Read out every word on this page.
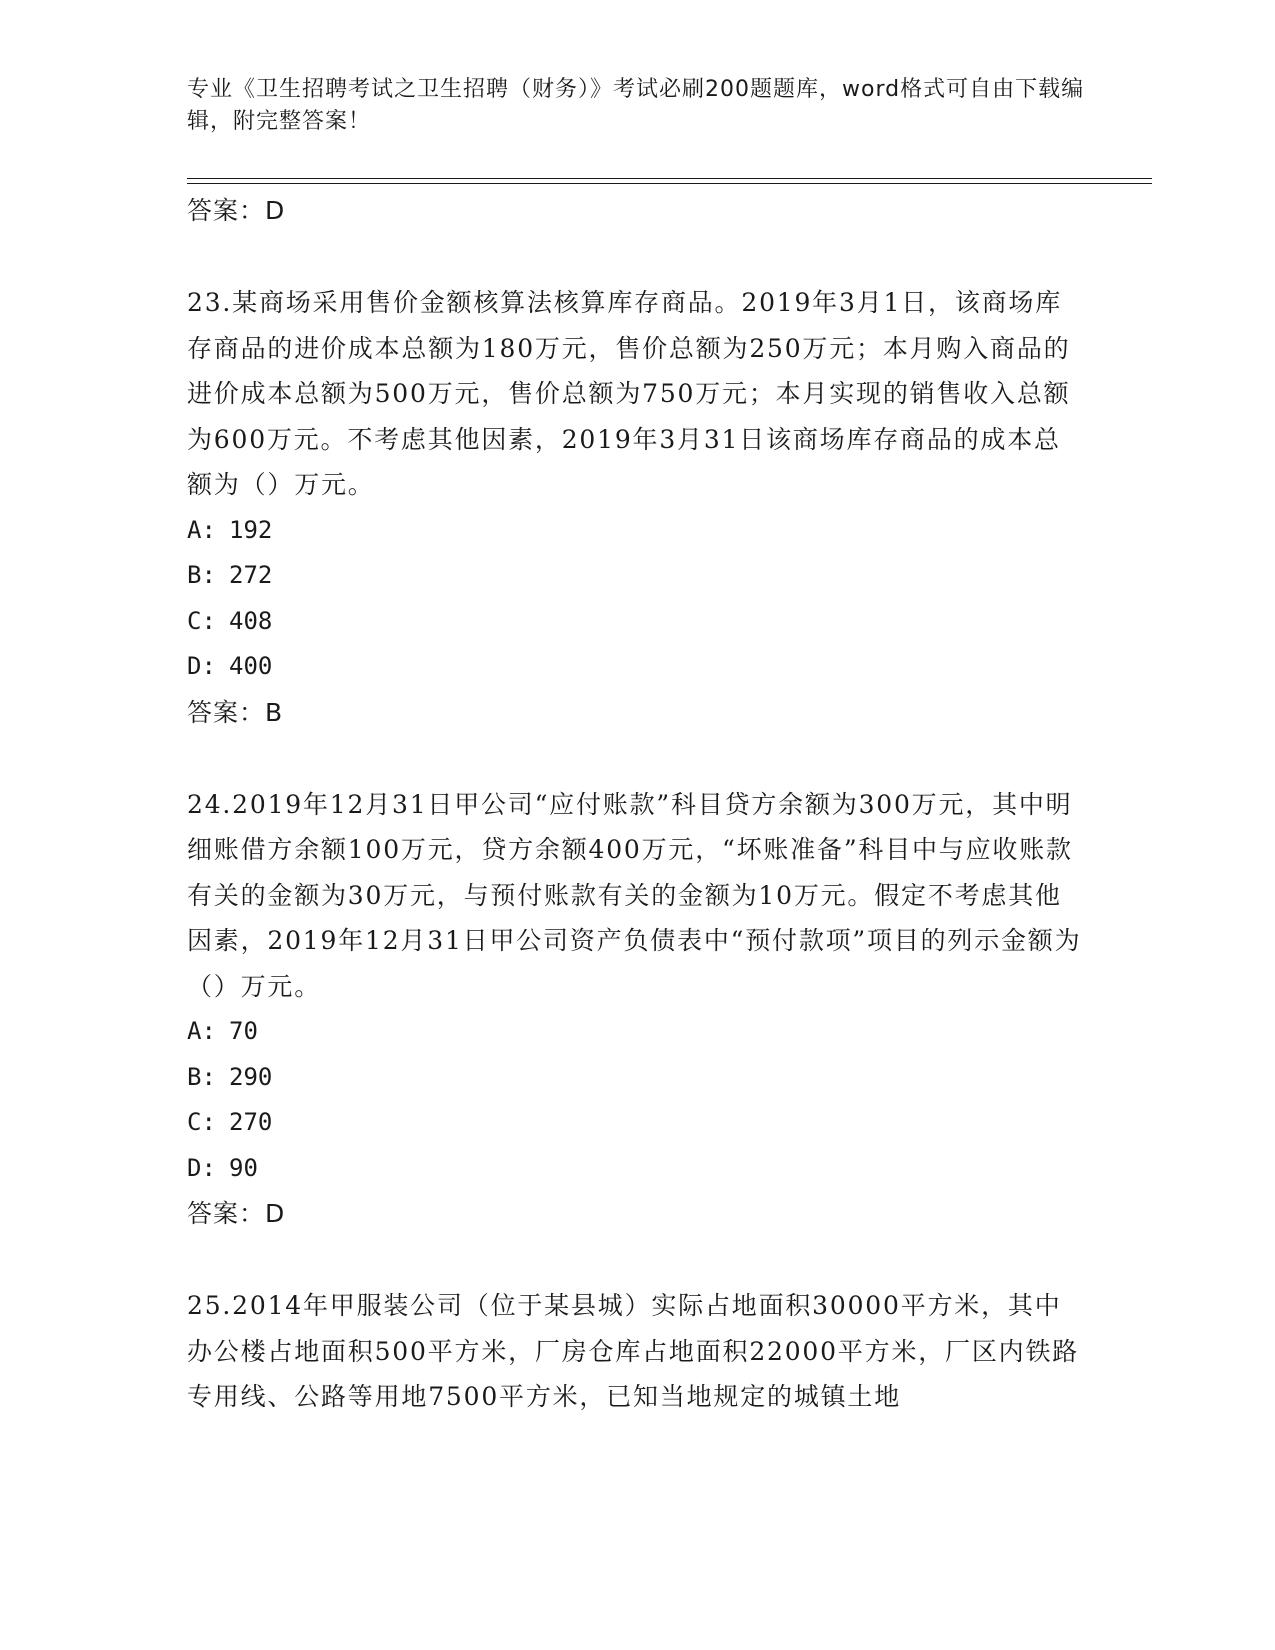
专业《卫生招聘考试之卫生招聘（财务）》考试必刷200题题库，word格式可自由下载编辑，附完整答案！
答案：D
23.某商场采用售价金额核算法核算库存商品。2019年3月1日，该商场库存商品的进价成本总额为180万元，售价总额为250万元；本月购入商品的进价成本总额为500万元，售价总额为750万元；本月实现的销售收入总额为600万元。不考虑其他因素，2019年3月31日该商场库存商品的成本总额为（）万元。
A: 192
B: 272
C: 408
D: 400
答案：B
24.2019年12月31日甲公司“应付账款”科目贷方余额为300万元，其中明细账借方余额100万元，贷方余额400万元，“坏账准备”科目中与应收账款有关的金额为30万元，与预付账款有关的金额为10万元。假定不考虑其他因素，2019年12月31日甲公司资产负债表中“预付款项”项目的列示金额为（）万元。
A: 70
B: 290
C: 270
D: 90
答案：D
25.2014年甲服装公司（位于某县城）实际占地面积30000平方米，其中办公楼占地面积500平方米，厂房仓库占地面积22000平方米，厂区内铁路专用线、公路等用地7500平方米，已知当地规定的城镇土地
